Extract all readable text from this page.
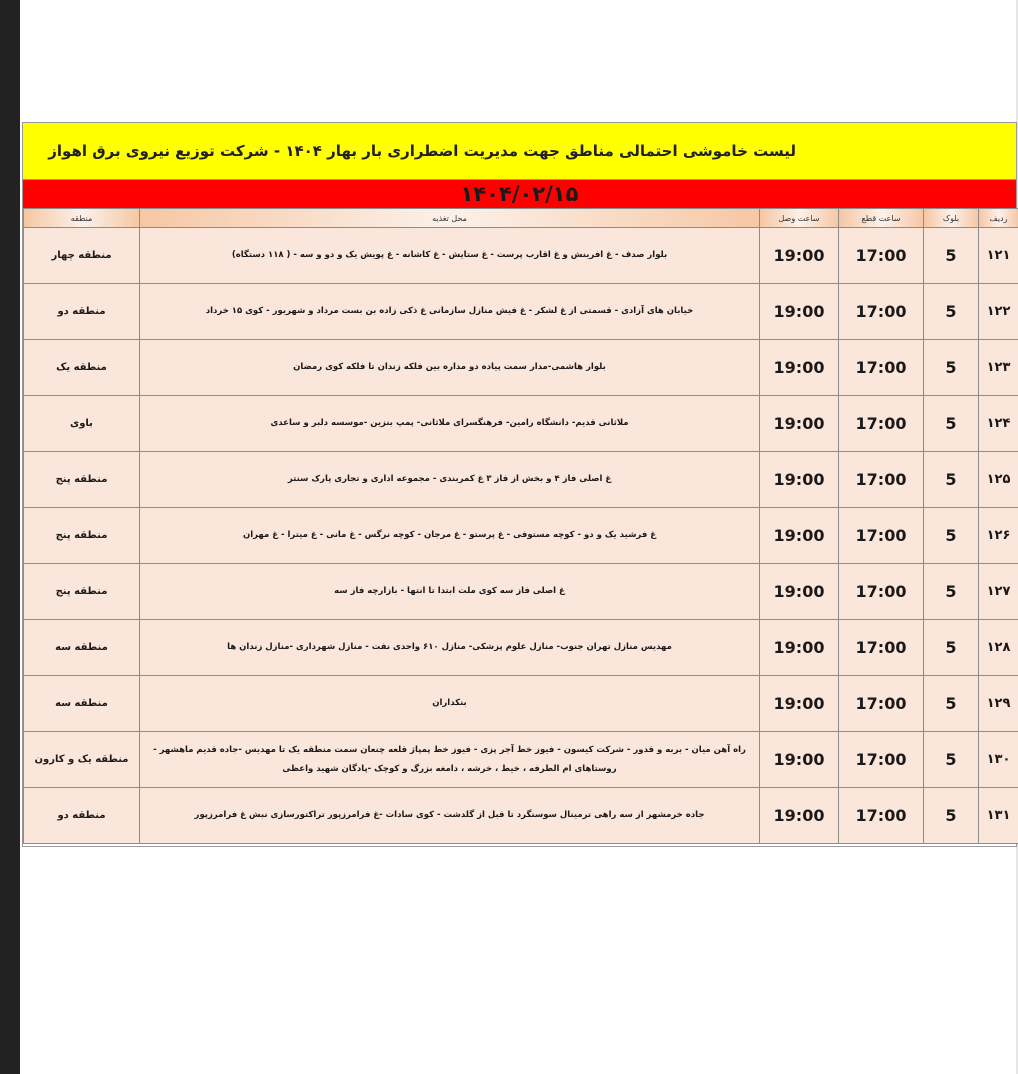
لیست خاموشی احتمالی مناطق جهت مدیریت اضطراری بار بهار ۱۴۰۴ - شرکت توزیع نیروی برق اهواز
۱۴۰۴/۰۲/۱۵
ردیف	بلوک	ساعت قطع	ساعت وصل	محل تغذیه	منطقه
۱۲۱	5	17:00	19:00	بلوار صدف - غ افرینش و غ اقارب پرست - غ ستایش - غ کاشانه - غ پویش یک و دو و سه - ( ۱۱۸ دستگاه)	منطقه چهار
۱۲۲	5	17:00	19:00	خیابان های آزادی - قسمتی از غ لشکر - غ فیش منازل سازمانی غ ذکی زاده بن بست مرداد و شهریور - کوی ۱۵ خرداد	منطقه دو
۱۲۳	5	17:00	19:00	بلوار هاشمی-مدار سمت پیاده دو مداره بین فلکه زندان تا فلکه کوی رمضان	منطقه یک
۱۲۴	5	17:00	19:00	ملاثانی قدیم- دانشگاه رامین- فرهنگسرای ملاثانی- پمپ بنزین -موسسه دلبر و ساعدی	باوی
۱۲۵	5	17:00	19:00	غ اصلی فاز ۴ و بخش از فاز ۳ غ کمربندی - مجموعه اداری و تجاری پارک سنتر	منطقه پنج
۱۲۶	5	17:00	19:00	غ فرشید یک و دو - کوچه مستوفی - غ پرستو - غ مرجان - کوچه نرگس - غ مانی - غ میترا - غ مهران	منطقه پنج
۱۲۷	5	17:00	19:00	غ اصلی فاز سه کوی ملت ابتدا تا انتها - بازارچه فاز سه	منطقه پنج
۱۲۸	5	17:00	19:00	مهدیس منازل تهران جنوب- منازل علوم پزشکی- منازل ۶۱۰ واحدی نفت - منازل شهرداری -منازل زندان ها	منطقه سه
۱۲۹	5	17:00	19:00	بنکداران	منطقه سه
۱۳۰	5	17:00	19:00	راه آهن میان - بربه و قدور - شرکت کیسون - فیوز خط آجر پزی - فیوز خط پمپاژ قلعه چنعان سمت منطقه یک تا مهدیس -جاده قدیم ماهشهر - روستاهای ام الطرفه ، خیط ، خرشه ، دامغه بزرگ و کوچک -پادگان شهید واعظی	منطقه یک و کارون
۱۳۱	5	17:00	19:00	جاده خرمشهر از سه راهی ترمینال سوسنگرد تا قبل از گلدشت - کوی سادات -غ فرامرزپور تراکتورسازی نبش غ فرامرزپور	منطقه دو
